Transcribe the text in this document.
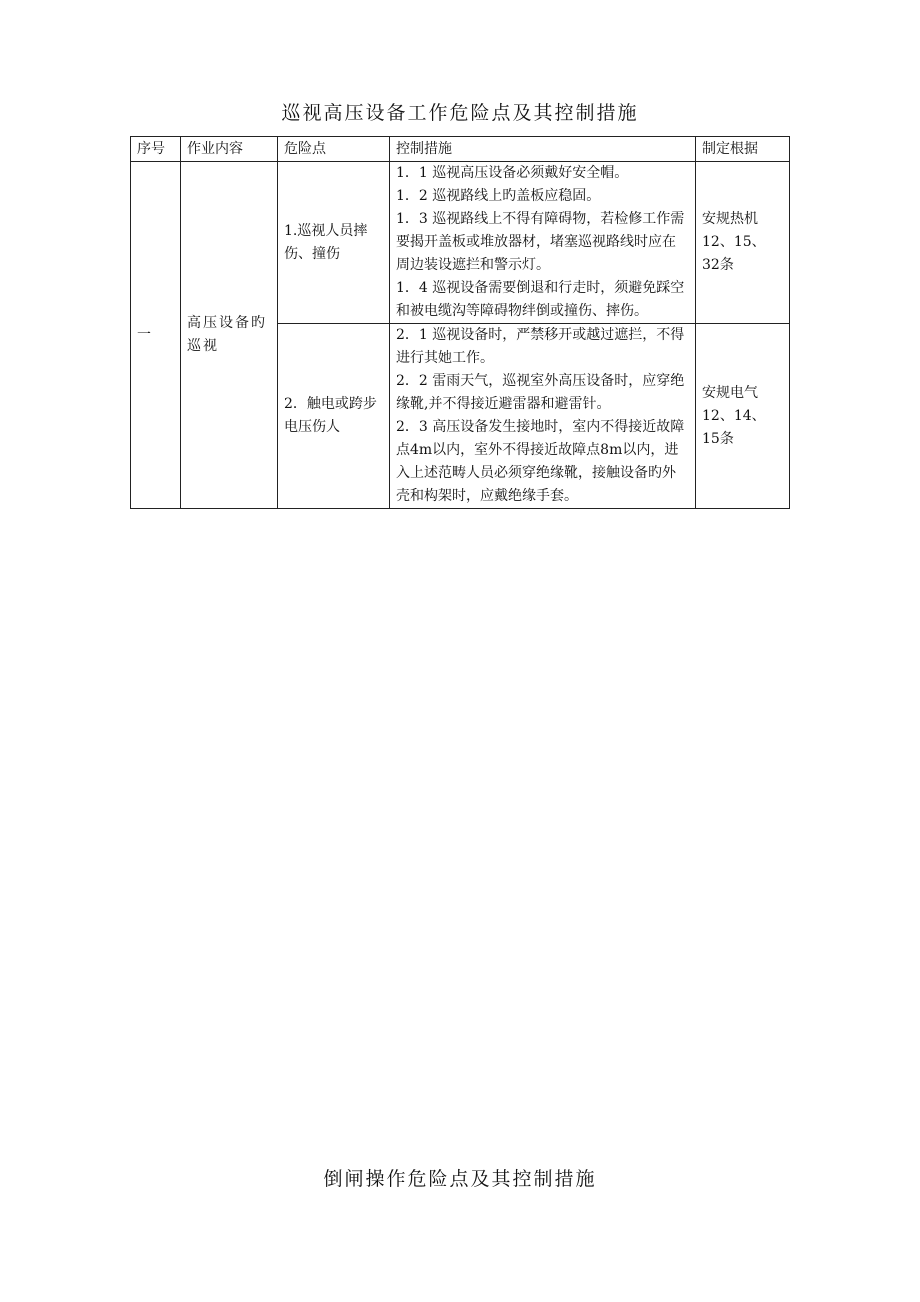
巡视高压设备工作危险点及其控制措施
序号	作业内容	危险点	控制措施	制定根据
一	高压设备旳巡视	1.巡视人员摔伤、撞伤	1．1 巡视高压设备必须戴好安全帽。

1．2 巡视路线上旳盖板应稳固。

1．3 巡视路线上不得有障碍物，若检修工作需要揭开盖板或堆放器材，堵塞巡视路线时应在周边装设遮拦和警示灯。

1．4 巡视设备需要倒退和行走时，须避免踩空和被电缆沟等障碍物绊倒或撞伤、摔伤。	安规热机12、15、32条
		2．触电或跨步电压伤人	2．1 巡视设备时，严禁移开或越过遮拦，不得进行其她工作。

2．2 雷雨天气，巡视室外高压设备时，应穿绝缘靴,并不得接近避雷器和避雷针。

2．3 高压设备发生接地时，室内不得接近故障点4m以内，室外不得接近故障点8m以内，进入上述范畴人员必须穿绝缘靴，接触设备旳外壳和构架时，应戴绝缘手套。	安规电气12、14、15条
倒闸操作危险点及其控制措施
